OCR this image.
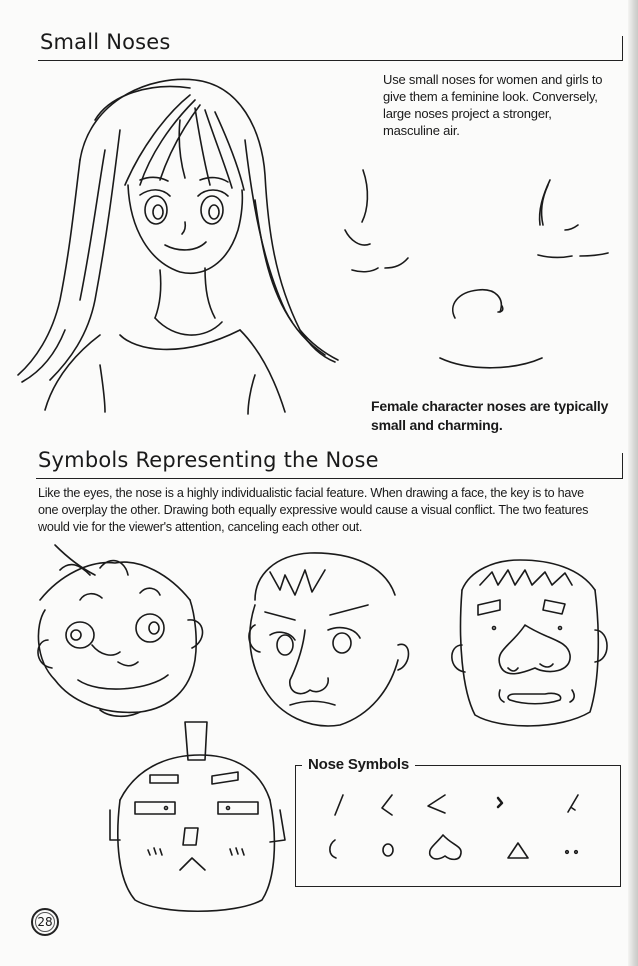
Small Noses
Use small noses for women and girls to give them a feminine look. Conversely, large noses project a stronger, masculine air.
Female character noses are typically small and charming.
Symbols Representing the Nose
Like the eyes, the nose is a highly individualistic facial feature. When drawing a face, the key is to have one overplay the other. Drawing both equally expressive would cause a visual conflict. The two features would vie for the viewer's attention, canceling each other out.
Nose Symbols
28
